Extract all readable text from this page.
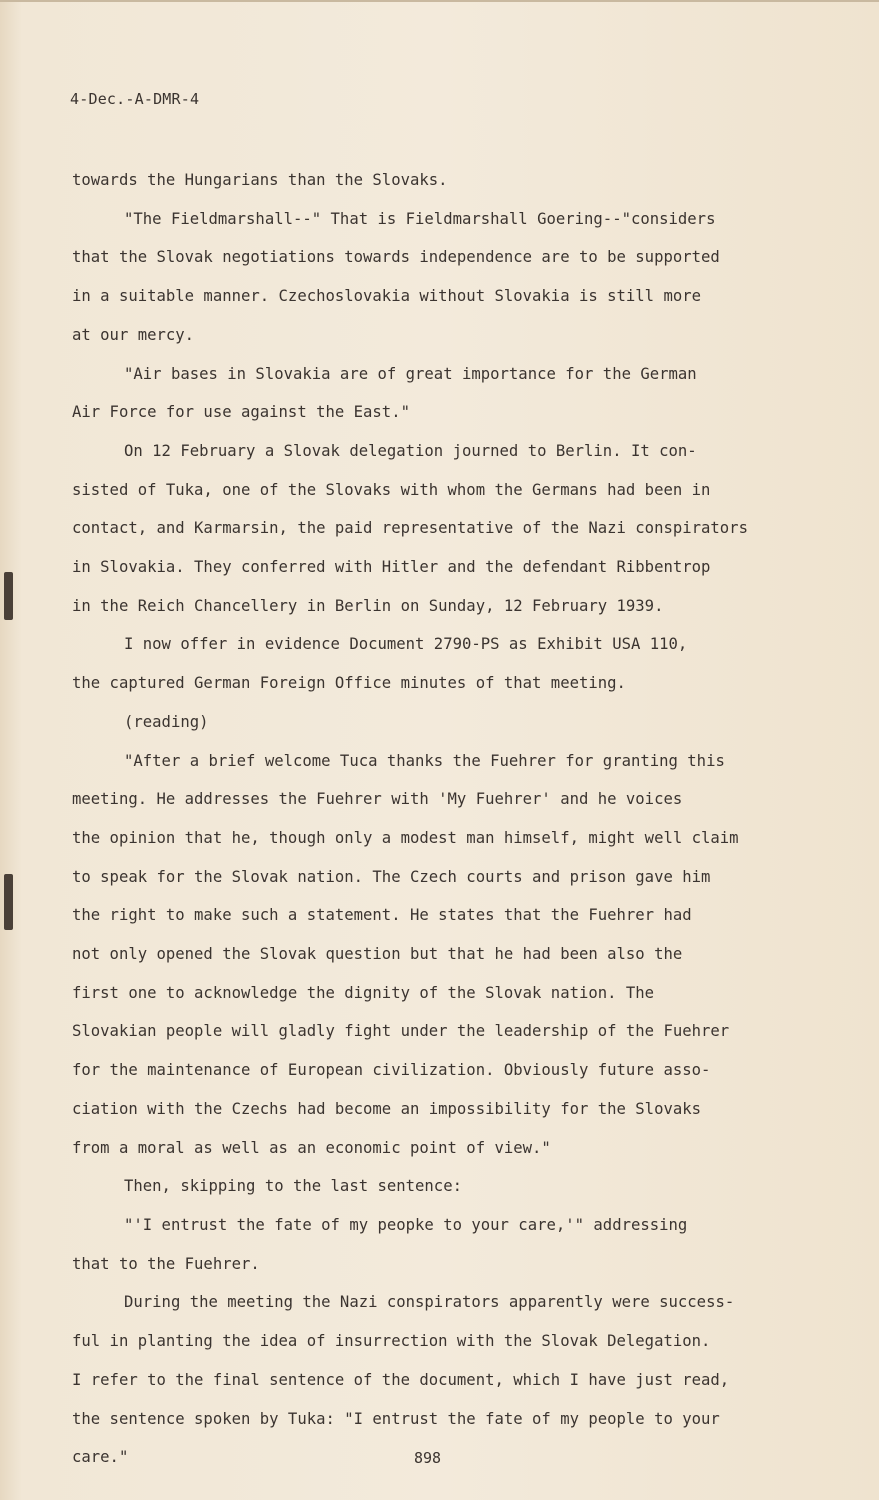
4-Dec.-A-DMR-4
towards the Hungarians than the Slovaks.
"The Fieldmarshall--" That is Fieldmarshall Goering--"considers
that the Slovak negotiations towards independence are to be supported
in a suitable manner. Czechoslovakia without Slovakia is still more
at our mercy.
"Air bases in Slovakia are of great importance for the German
Air Force for use against the East."
On 12 February a Slovak delegation journed to Berlin. It con-
sisted of Tuka, one of the Slovaks with whom the Germans had been in
contact, and Karmarsin, the paid representative of the Nazi conspirators
in Slovakia. They conferred with Hitler and the defendant Ribbentrop
in the Reich Chancellery in Berlin on Sunday, 12 February 1939.
I now offer in evidence Document 2790-PS as Exhibit USA 110,
the captured German Foreign Office minutes of that meeting.
(reading)
"After a brief welcome Tuca thanks the Fuehrer for granting this
meeting. He addresses the Fuehrer with 'My Fuehrer' and he voices
the opinion that he, though only a modest man himself, might well claim
to speak for the Slovak nation. The Czech courts and prison gave him
the right to make such a statement. He states that the Fuehrer had
not only opened the Slovak question but that he had been also the
first one to acknowledge the dignity of the Slovak nation. The
Slovakian people will gladly fight under the leadership of the Fuehrer
for the maintenance of European civilization. Obviously future asso-
ciation with the Czechs had become an impossibility for the Slovaks
from a moral as well as an economic point of view."
Then, skipping to the last sentence:
"'I entrust the fate of my peopke to your care,'" addressing
that to the Fuehrer.
During the meeting the Nazi conspirators apparently were success-
ful in planting the idea of insurrection with the Slovak Delegation.
I refer to the final sentence of the document, which I have just read,
the sentence spoken by Tuka: "I entrust the fate of my people to your
care."	898
